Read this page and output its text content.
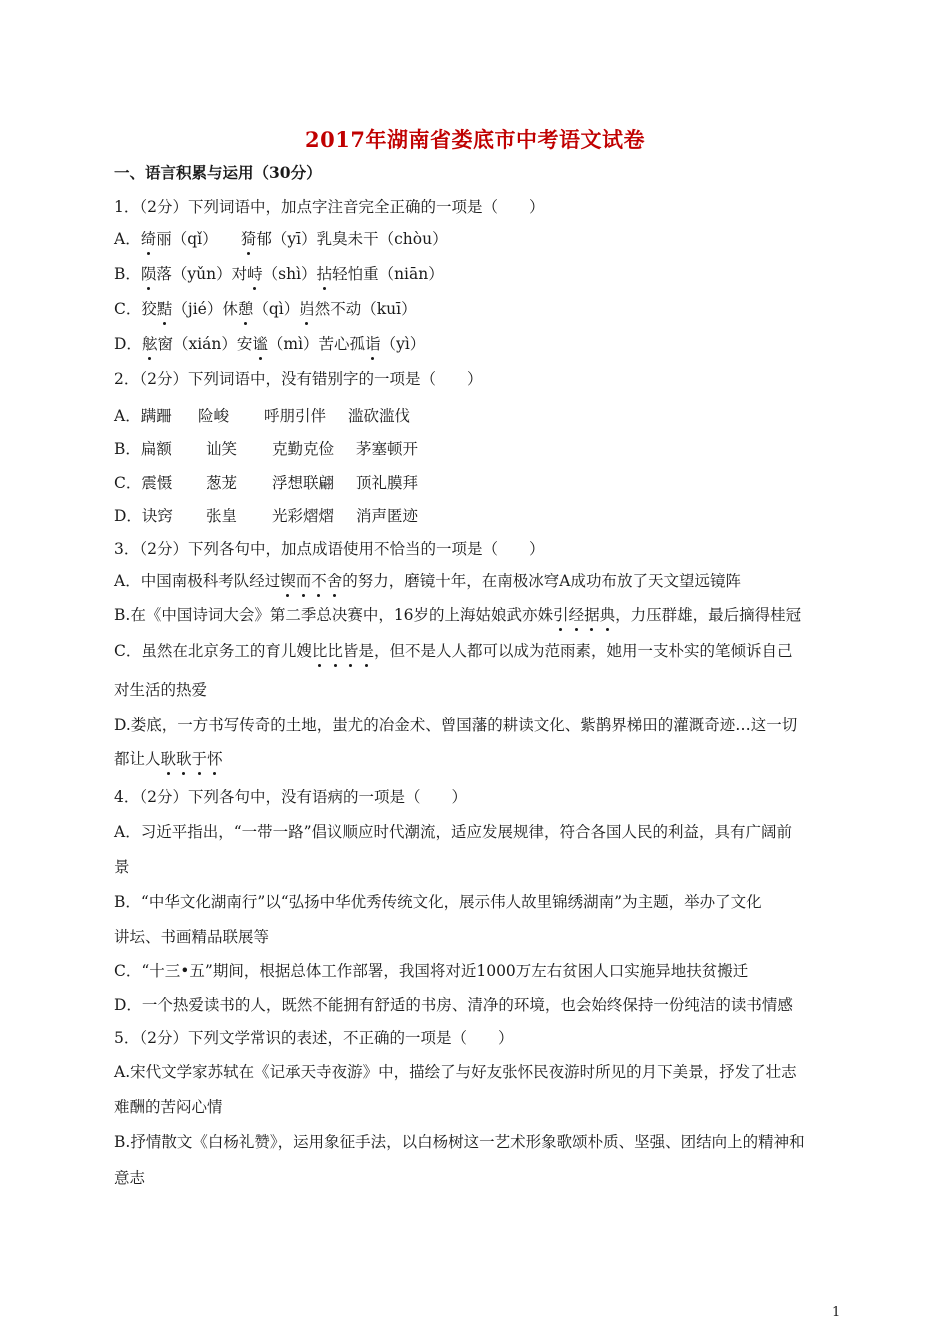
2017年湖南省娄底市中考语文试卷
一、语言积累与运用（30分）
1．（2分）下列词语中，加点字注音完全正确的一项是（　　）
A．绮丽（qǐ）　　猗郁（yī）乳臭未干（chòu）
B．陨落（yǔn）对峙（shì）拈轻怕重（niān）
C．狡黠（jié）休憩（qì）岿然不动（kuī）
D．舷窗（xián）安谧（mì）苦心孤诣（yì）
2．（2分）下列词语中，没有错别字的一项是（　　）
A．蹒跚 险峻 呼朋引伴 滥砍滥伐
B．扁额 讪笑 克勤克俭 茅塞顿开
C．震慑 葱茏 浮想联翩 顶礼膜拜
D．诀窍 张皇 光彩熠熠 消声匿迹
3．（2分）下列各句中，加点成语使用不恰当的一项是（　　）
A．中国南极科考队经过锲而不舍的努力，磨镜十年，在南极冰穹A成功布放了天文望远镜阵
B.在《中国诗词大会》第二季总决赛中，16岁的上海姑娘武亦姝引经据典，力压群雄，最后摘得桂冠
C．虽然在北京务工的育儿嫂比比皆是，但不是人人都可以成为范雨素，她用一支朴实的笔倾诉自己
对生活的热爱
D.娄底，一方书写传奇的土地，蚩尤的冶金术、曾国藩的耕读文化、紫鹊界梯田的灌溉奇迹…这一切
都让人耿耿于怀
4．（2分）下列各句中，没有语病的一项是（　　）
A．习近平指出，“一带一路”倡议顺应时代潮流，适应发展规律，符合各国人民的利益，具有广阔前
景
B．“中华文化湖南行”以“弘扬中华优秀传统文化，展示伟人故里锦绣湖南”为主题，举办了文化
讲坛、书画精品联展等
C．“十三•五”期间，根据总体工作部署，我国将对近1000万左右贫困人口实施异地扶贫搬迁
D．一个热爱读书的人，既然不能拥有舒适的书房、清净的环境，也会始终保持一份纯洁的读书情感
5．（2分）下列文学常识的表述，不正确的一项是（　　）
A.宋代文学家苏轼在《记承天寺夜游》中，描绘了与好友张怀民夜游时所见的月下美景，抒发了壮志
难酬的苦闷心情
B.抒情散文《白杨礼赞》，运用象征手法，以白杨树这一艺术形象歌颂朴质、坚强、团结向上的精神和
意志
1
